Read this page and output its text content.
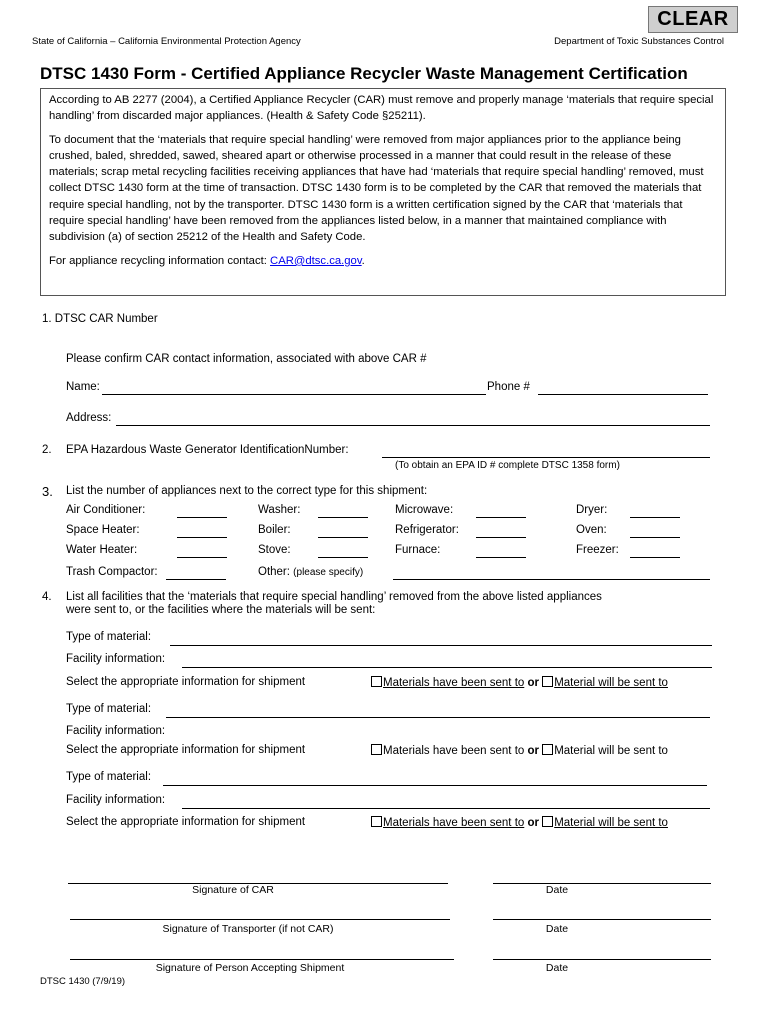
CLEAR
State of California – California Environmental Protection Agency	Department of Toxic Substances Control
DTSC 1430 Form - Certified Appliance Recycler Waste Management Certification

According to AB 2277 (2004), a Certified Appliance Recycler (CAR) must remove and properly manage ‘materials that require special handling’ from discarded major appliances. (Health & Safety Code §25211).

To document that the ‘materials that require special handling’ were removed from major appliances prior to the appliance being crushed, baled, shredded, sawed, sheared apart or otherwise processed in a manner that could result in the release of these materials; scrap metal recycling facilities receiving appliances that have had ‘materials that require special handling’ removed, must collect DTSC 1430 form at the time of transaction. DTSC 1430 form is to be completed by the CAR that removed the materials that require special handling, not by the transporter. DTSC 1430 form is a written certification signed by the CAR that ‘materials that require special handling’ have been removed from the appliances listed below, in a manner that maintained compliance with subdivision (a) of section 25212 of the Health and Safety Code.

For appliance recycling information contact: CAR@dtsc.ca.gov.

1. DTSC CAR Number
Please confirm CAR contact information, associated with above CAR #
Name:	Phone #
Address:
2. EPA Hazardous Waste Generator IdentificationNumber:
(To obtain an EPA ID # complete DTSC 1358 form)
3. List the number of appliances next to the correct type for this shipment:
Air Conditioner:	Washer:	Microwave:	Dryer:
Space Heater:	Boiler:	Refrigerator:	Oven:
Water Heater:	Stove:	Furnace:	Freezer:
Trash Compactor:	Other: (please specify)
4. List all facilities that the ‘materials that require special handling’ removed from the above listed appliances
were sent to, or the facilities where the materials will be sent:
Type of material:
Facility information:
Select the appropriate information for shipment	Materials have been sent to or Material will be sent to
Type of material:
Facility information:
Select the appropriate information for shipment	Materials have been sent to or Material will be sent to
Type of material:
Facility information:
Select the appropriate information for shipment	Materials have been sent to or Material will be sent to
Signature of CAR	Date
Signature of Transporter (if not CAR)	Date
Signature of Person Accepting Shipment	Date
DTSC 1430 (7/9/19)
